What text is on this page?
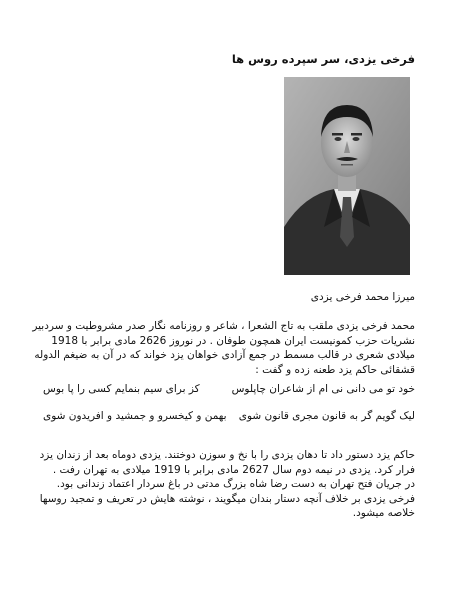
فرخی یزدی، سر سپرده روس ها
میرزا محمد فرخی یزدی

محمد فرخی یزدی ملقب به تاج الشعرا ، شاعر و روزنامه نگار صدر مشروطیت و سردبیر
نشریات حزب کمونیست ایران همچون طوفان . در نوروز 2626 مادی برابر با 1918
میلادی شعری در قالب مسمط در جمع آزادی خواهان یزد خواند که در آن به ضیغم الدوله
قشقائی حاکم یزد طعنه زده و گفت :

خود تو می دانی نی ام از شاعران چاپلوس
کز برای سیم بنمایم کسی را پا بوس
لیک گویم گر به قانون مجری قانون شوی
بهمن و کیخسرو و جمشید و افریدون شوی

حاکم یزد دستور داد تا دهان یزدی را با نخ و سوزن دوختند. یزدی دوماه بعد از زندان یزد
فرار کرد. یزدی در نیمه دوم سال 2627 مادی برابر با 1919 میلادی به تهران رفت .
در جریان فتح تهران به دست رضا شاه بزرگ مدتی در باغ سردار اعتماد زندانی بود.
فرخی یزدی بر خلاف آنچه دستار بندان میگویند ، نوشته هایش در تعریف و تمجید روسها
خلاصه میشود.
